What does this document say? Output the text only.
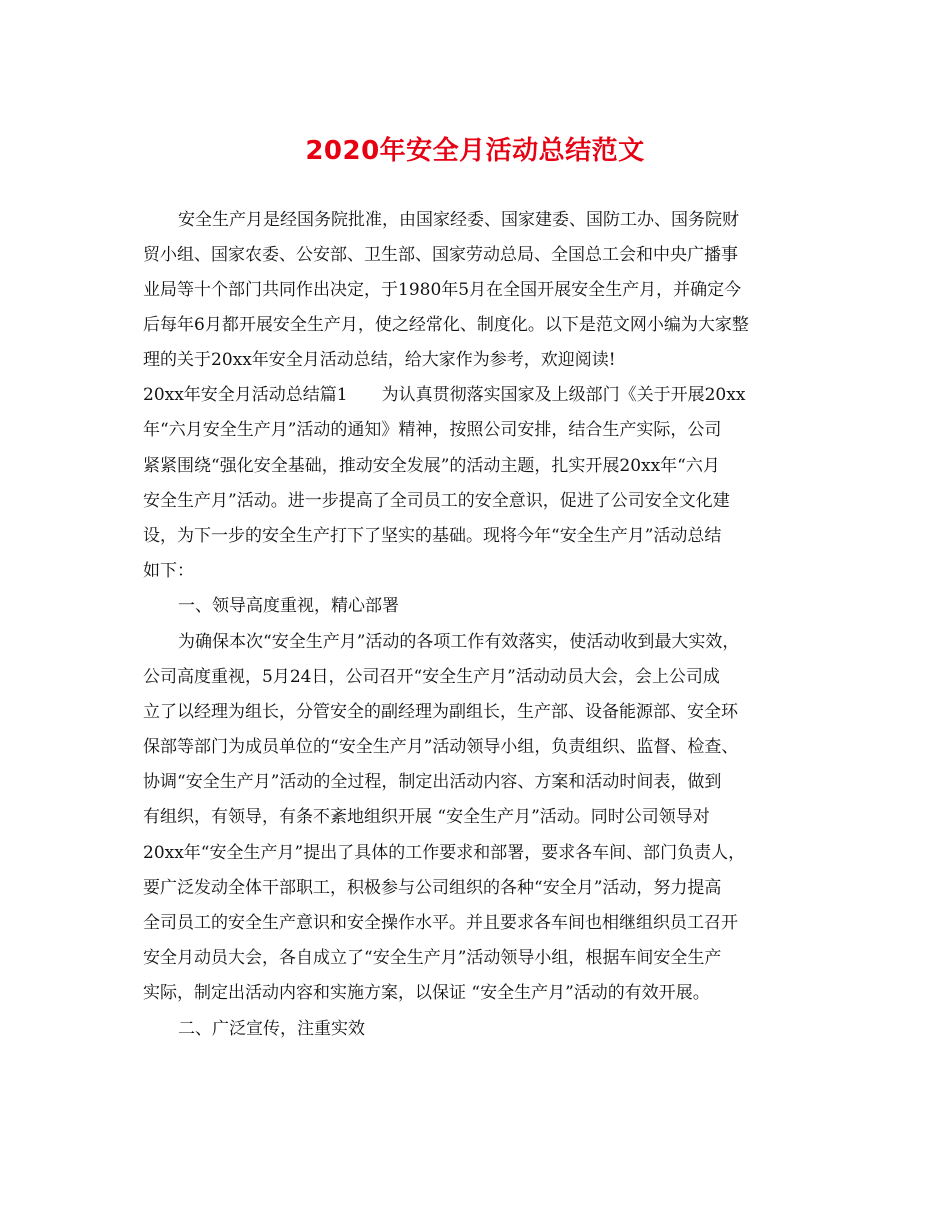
2020年安全月活动总结范文
安全生产月是经国务院批准，由国家经委、国家建委、国防工办、国务院财
贸小组、国家农委、公安部、卫生部、国家劳动总局、全国总工会和中央广播事
业局等十个部门共同作出决定，于1980年5月在全国开展安全生产月，并确定今
后每年6月都开展安全生产月，使之经常化、制度化。以下是范文网小编为大家整
理的关于20xx年安全月活动总结，给大家作为参考，欢迎阅读!
20xx年安全月活动总结篇1　　为认真贯彻落实国家及上级部门《关于开展20xx
年“六月安全生产月”活动的通知》精神，按照公司安排，结合生产实际，公司
紧紧围绕“强化安全基础，推动安全发展”的活动主题，扎实开展20xx年“六月
安全生产月”活动。进一步提高了全司员工的安全意识，促进了公司安全文化建
设，为下一步的安全生产打下了坚实的基础。现将今年“安全生产月”活动总结
如下：
一、领导高度重视，精心部署
为确保本次“安全生产月”活动的各项工作有效落实，使活动收到最大实效，
公司高度重视，5月24日，公司召开“安全生产月”活动动员大会，会上公司成
立了以经理为组长，分管安全的副经理为副组长，生产部、设备能源部、安全环
保部等部门为成员单位的“安全生产月”活动领导小组，负责组织、监督、检查、
协调“安全生产月”活动的全过程，制定出活动内容、方案和活动时间表，做到
有组织，有领导，有条不紊地组织开展 “安全生产月”活动。同时公司领导对
20xx年“安全生产月”提出了具体的工作要求和部署，要求各车间、部门负责人，
要广泛发动全体干部职工，积极参与公司组织的各种“安全月”活动，努力提高
全司员工的安全生产意识和安全操作水平。并且要求各车间也相继组织员工召开
安全月动员大会，各自成立了“安全生产月”活动领导小组，根据车间安全生产
实际，制定出活动内容和实施方案，以保证 “安全生产月”活动的有效开展。
二、广泛宣传，注重实效
